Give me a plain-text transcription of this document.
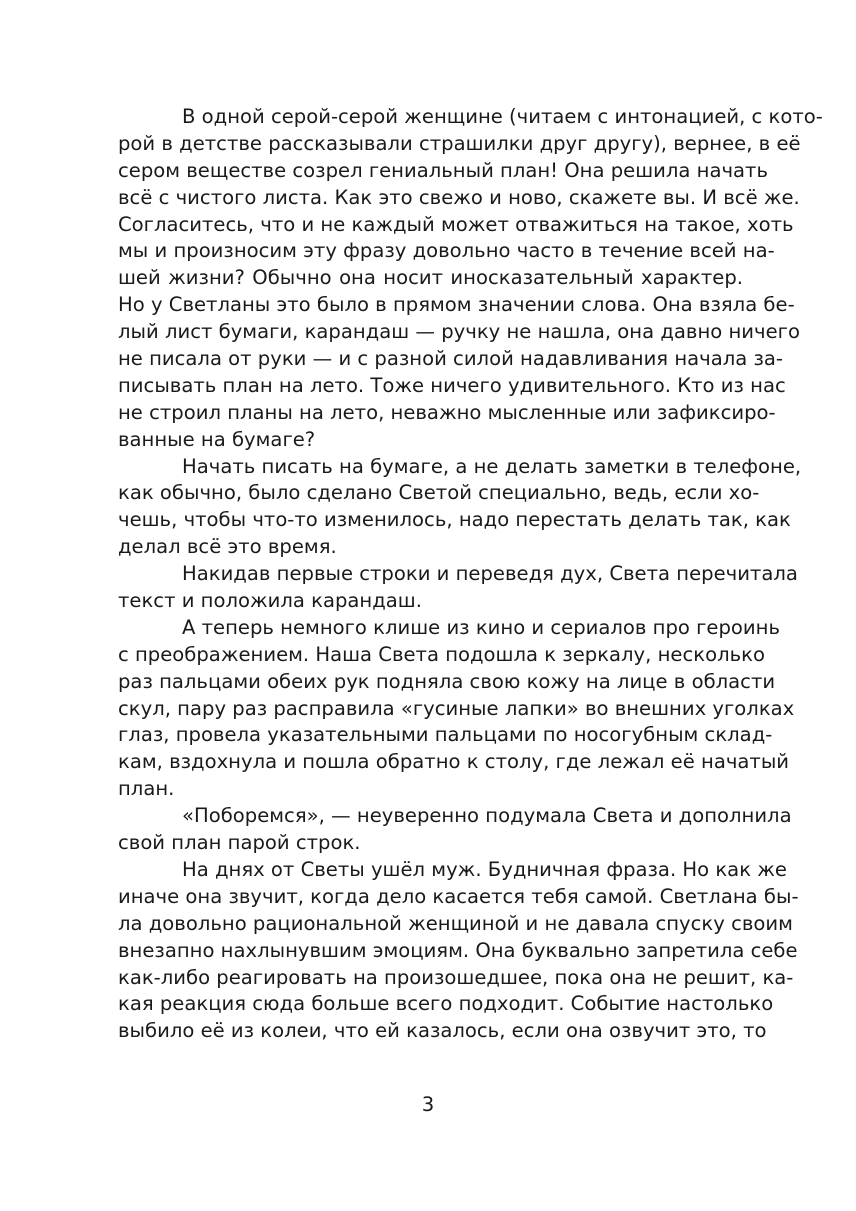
В одной серой-серой женщине (читаем с интонацией, с кото-
рой в детстве рассказывали страшилки друг другу), вернее, в её
сером веществе созрел гениальный план! Она решила начать
всё с чистого листа. Как это свежо и ново, скажете вы. И всё же.
Согласитесь, что и не каждый может отважиться на такое, хоть
мы и произносим эту фразу довольно часто в течение всей на-
шей жизни? Обычно она носит иносказательный характер.
Но у Светланы это было в прямом значении слова. Она взяла бе-
лый лист бумаги, карандаш — ручку не нашла, она давно ничего
не писала от руки — и с разной силой надавливания начала за-
писывать план на лето. Тоже ничего удивительного. Кто из нас
не строил планы на лето, неважно мысленные или зафиксиро-
ванные на бумаге?
Начать писать на бумаге, а не делать заметки в телефоне,
как обычно, было сделано Светой специально, ведь, если хо-
чешь, чтобы что-то изменилось, надо перестать делать так, как
делал всё это время.
Накидав первые строки и переведя дух, Света перечитала
текст и положила карандаш.
А теперь немного клише из кино и сериалов про героинь
с преображением. Наша Света подошла к зеркалу, несколько
раз пальцами обеих рук подняла свою кожу на лице в области
скул, пару раз расправила «гусиные лапки» во внешних уголках
глаз, провела указательными пальцами по носогубным склад-
кам, вздохнула и пошла обратно к столу, где лежал её начатый
план.
«Поборемся», — неуверенно подумала Света и дополнила
свой план парой строк.
На днях от Светы ушёл муж. Будничная фраза. Но как же
иначе она звучит, когда дело касается тебя самой. Светлана бы-
ла довольно рациональной женщиной и не давала спуску своим
внезапно нахлынувшим эмоциям. Она буквально запретила себе
как-либо реагировать на произошедшее, пока она не решит, ка-
кая реакция сюда больше всего подходит. Событие настолько
выбило её из колеи, что ей казалось, если она озвучит это, то
3
